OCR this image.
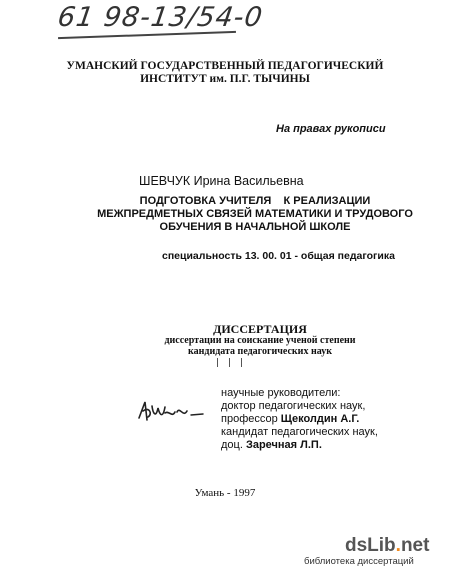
61 98-13/54-0
УМАНСКИЙ ГОСУДАРСТВЕННЫЙ ПЕДАГОГИЧЕСКИЙ
ИНСТИТУТ им. П.Г. ТЫЧИНЫ
На правах рукописи
ШЕВЧУК Ирина Васильевна
ПОДГОТОВКА УЧИТЕЛЯ    К РЕАЛИЗАЦИИ
МЕЖПРЕДМЕТНЫХ СВЯЗЕЙ МАТЕМАТИКИ И ТРУДОВОГО
ОБУЧЕНИЯ В НАЧАЛЬНОЙ ШКОЛЕ
специальность 13. 00. 01 - общая педагогика
ДИССЕРТАЦИЯ
диссертации на соискание ученой степени
кандидата педагогических наук
научные руководители:
доктор педагогических наук,
профессор Щеколдин А.Г.
кандидат педагогических наук,
доц. Заречная Л.П.
Умань - 1997
dsLib.net
библиотека диссертаций
